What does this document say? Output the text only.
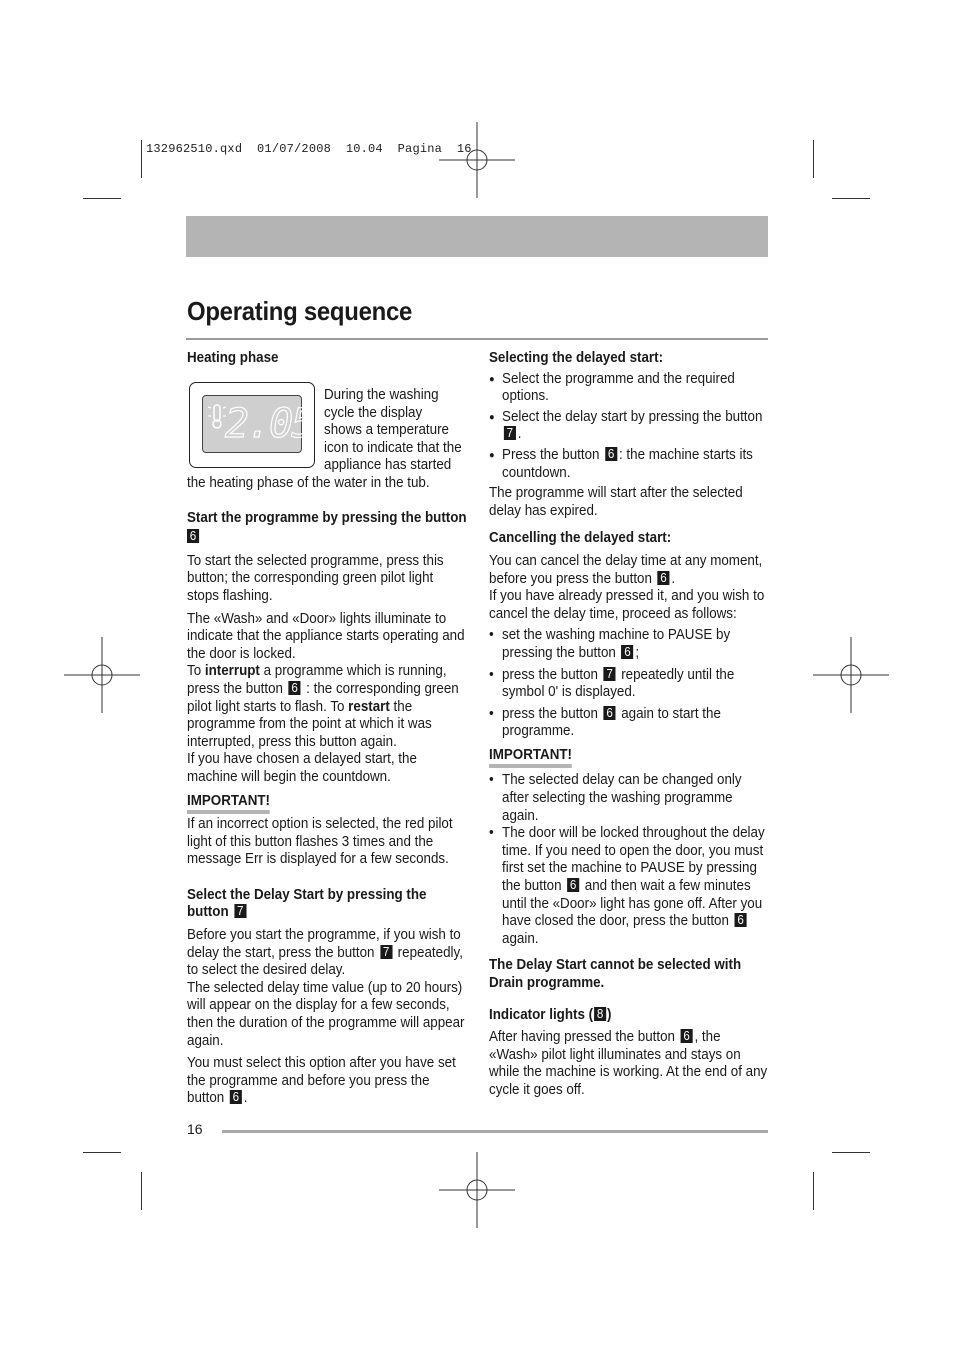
132962510.qxd  01/07/2008  10.04  Pagina  16
Operating sequence

Heating phase

2.05

During the washing cycle the display shows a temperature icon to indicate that the appliance has started

the heating phase of the water in the tub.

Start the programme by pressing the button
6

To start the selected programme, press this button; the corresponding green pilot light stops flashing.

The «Wash» and «Door» lights illuminate to indicate that the appliance starts operating and the door is locked.

To interrupt a programme which is running, press the button 6 : the corresponding green pilot light starts to flash. To restart the programme from the point at which it was interrupted, press this button again.

If you have chosen a delayed start, the machine will begin the countdown.

IMPORTANT!

If an incorrect option is selected, the red pilot light of this button flashes 3 times and the message Err is displayed for a few seconds.

Select the Delay Start by pressing the button 7

Before you start the programme, if you wish to delay the start, press the button 7 repeatedly, to select the desired delay.

The selected delay time value (up to 20 hours) will appear on the display for a few seconds, then the duration of the programme will appear again.

You must select this option after you have set the programme and before you press the button 6 .

Selecting the delayed start:

● Select the programme and the required options.
● Select the delay start by pressing the button 7 .
● Press the button 6 : the machine starts its countdown.

The programme will start after the selected delay has expired.

Cancelling the delayed start:

You can cancel the delay time at any moment, before you press the button 6 .

If you have already pressed it, and you wish to cancel the delay time, proceed as follows:

• set the washing machine to PAUSE by pressing the button 6 ;
• press the button 7 repeatedly until the symbol 0' is displayed.
• press the button 6 again to start the programme.

IMPORTANT!

• The selected delay can be changed only after selecting the washing programme again.
• The door will be locked throughout the delay time. If you need to open the door, you must first set the machine to PAUSE by pressing the button 6 and then wait a few minutes until the «Door» light has gone off. After you have closed the door, press the button 6 again.

The Delay Start cannot be selected with Drain programme.

Indicator lights ( 8 )

After having pressed the button 6 , the «Wash» pilot light illuminates and stays on while the machine is working. At the end of any cycle it goes off.

16
